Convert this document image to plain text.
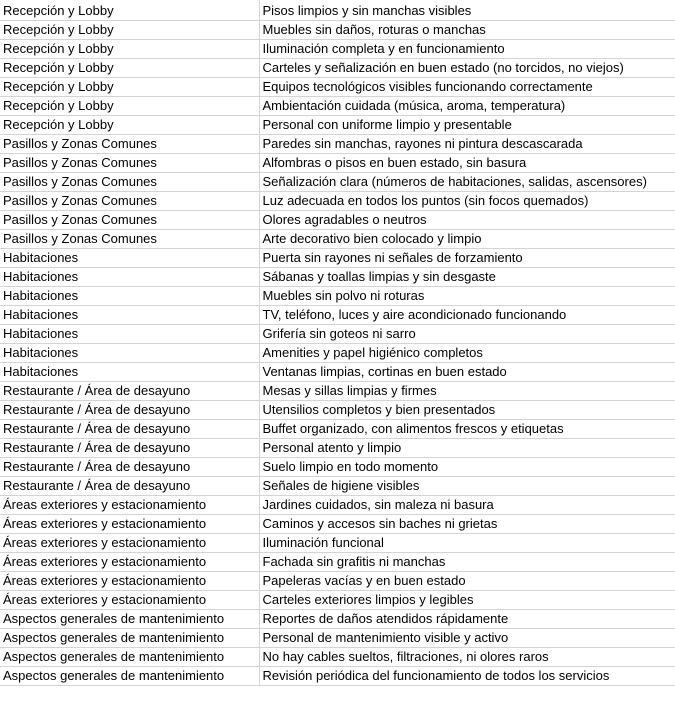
Recepción y Lobby	Pisos limpios y sin manchas visibles
Recepción y Lobby	Muebles sin daños, roturas o manchas
Recepción y Lobby	Iluminación completa y en funcionamiento
Recepción y Lobby	Carteles y señalización en buen estado (no torcidos, no viejos)
Recepción y Lobby	Equipos tecnológicos visibles funcionando correctamente
Recepción y Lobby	Ambientación cuidada (música, aroma, temperatura)
Recepción y Lobby	Personal con uniforme limpio y presentable
Pasillos y Zonas Comunes	Paredes sin manchas, rayones ni pintura descascarada
Pasillos y Zonas Comunes	Alfombras o pisos en buen estado, sin basura
Pasillos y Zonas Comunes	Señalización clara (números de habitaciones, salidas, ascensores)
Pasillos y Zonas Comunes	Luz adecuada en todos los puntos (sin focos quemados)
Pasillos y Zonas Comunes	Olores agradables o neutros
Pasillos y Zonas Comunes	Arte decorativo bien colocado y limpio
Habitaciones	Puerta sin rayones ni señales de forzamiento
Habitaciones	Sábanas y toallas limpias y sin desgaste
Habitaciones	Muebles sin polvo ni roturas
Habitaciones	TV, teléfono, luces y aire acondicionado funcionando
Habitaciones	Grifería sin goteos ni sarro
Habitaciones	Amenities y papel higiénico completos
Habitaciones	Ventanas limpias, cortinas en buen estado
Restaurante / Área de desayuno	Mesas y sillas limpias y firmes
Restaurante / Área de desayuno	Utensilios completos y bien presentados
Restaurante / Área de desayuno	Buffet organizado, con alimentos frescos y etiquetas
Restaurante / Área de desayuno	Personal atento y limpio
Restaurante / Área de desayuno	Suelo limpio en todo momento
Restaurante / Área de desayuno	Señales de higiene visibles
Áreas exteriores y estacionamiento	Jardines cuidados, sin maleza ni basura
Áreas exteriores y estacionamiento	Caminos y accesos sin baches ni grietas
Áreas exteriores y estacionamiento	Iluminación funcional
Áreas exteriores y estacionamiento	Fachada sin grafitis ni manchas
Áreas exteriores y estacionamiento	Papeleras vacías y en buen estado
Áreas exteriores y estacionamiento	Carteles exteriores limpios y legibles
Aspectos generales de mantenimiento	Reportes de daños atendidos rápidamente
Aspectos generales de mantenimiento	Personal de mantenimiento visible y activo
Aspectos generales de mantenimiento	No hay cables sueltos, filtraciones, ni olores raros
Aspectos generales de mantenimiento	Revisión periódica del funcionamiento de todos los servicios
